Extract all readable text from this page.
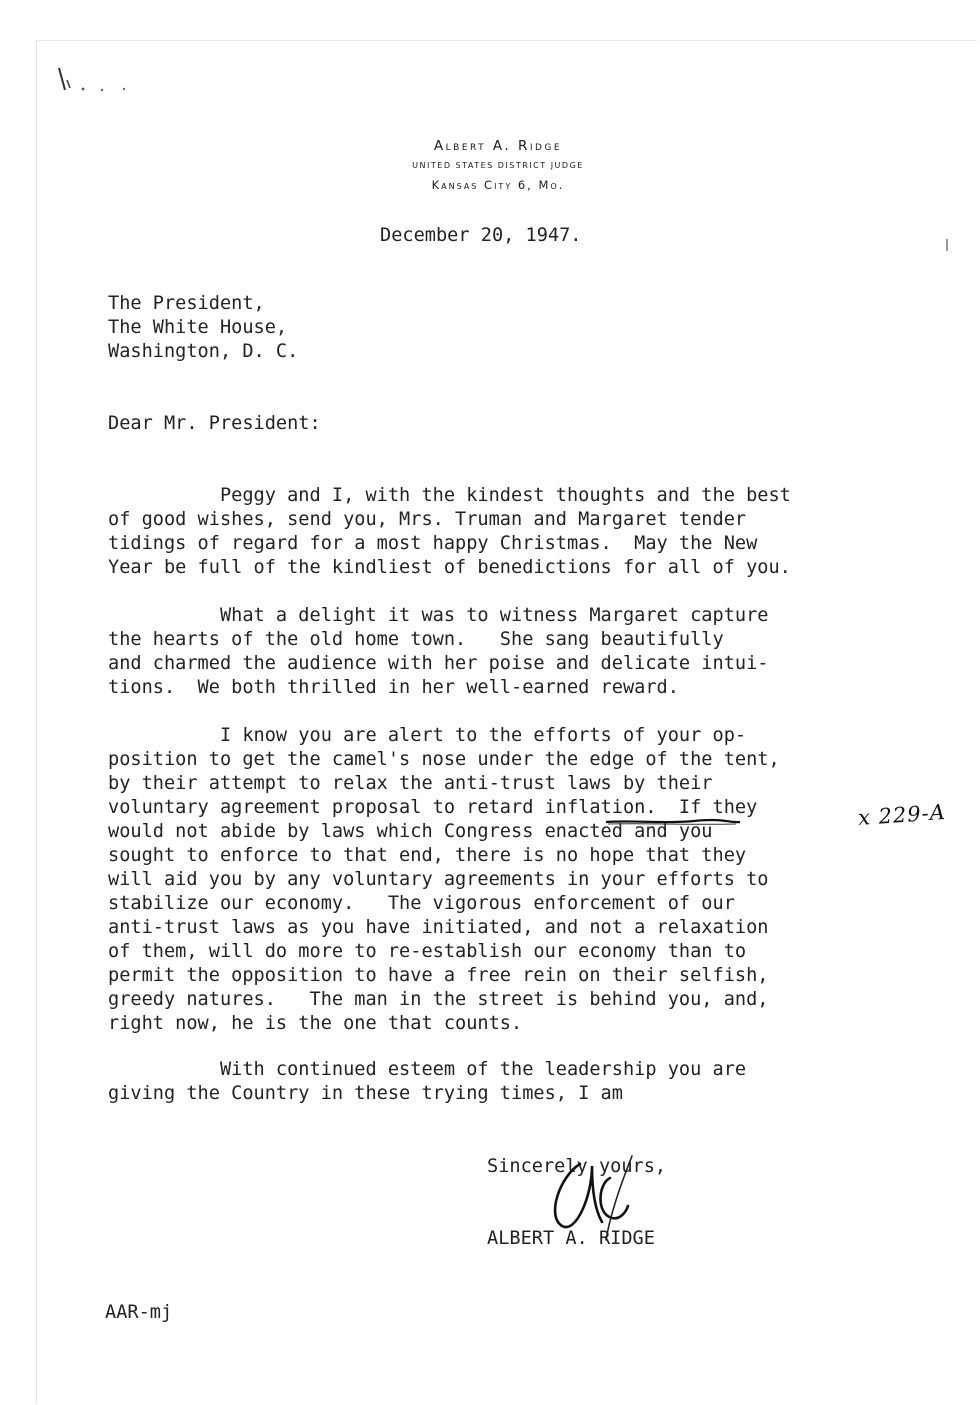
Albert A. Ridge
UNITED STATES DISTRICT JUDGE
Kansas City 6, Mo.
December 20, 1947.
The President,
The White House,
Washington, D. C.
Dear Mr. President:
Peggy and I, with the kindest thoughts and the best
of good wishes, send you, Mrs. Truman and Margaret tender
tidings of regard for a most happy Christmas.  May the New
Year be full of the kindliest of benedictions for all of you.
What a delight it was to witness Margaret capture
the hearts of the old home town.   She sang beautifully
and charmed the audience with her poise and delicate intui-
tions.  We both thrilled in her well-earned reward.
I know you are alert to the efforts of your op-
position to get the camel's nose under the edge of the tent,
by their attempt to relax the anti-trust laws by their
voluntary agreement proposal to retard inflation.  If they
would not abide by laws which Congress enacted and you
sought to enforce to that end, there is no hope that they
will aid you by any voluntary agreements in your efforts to
stabilize our economy.   The vigorous enforcement of our
anti-trust laws as you have initiated, and not a relaxation
of them, will do more to re-establish our economy than to
permit the opposition to have a free rein on their selfish,
greedy natures.   The man in the street is behind you, and,
right now, he is the one that counts.
With continued esteem of the leadership you are
giving the Country in these trying times, I am
x 229-A
Sincerely yours,
ALBERT A. RIDGE
AAR-mj
